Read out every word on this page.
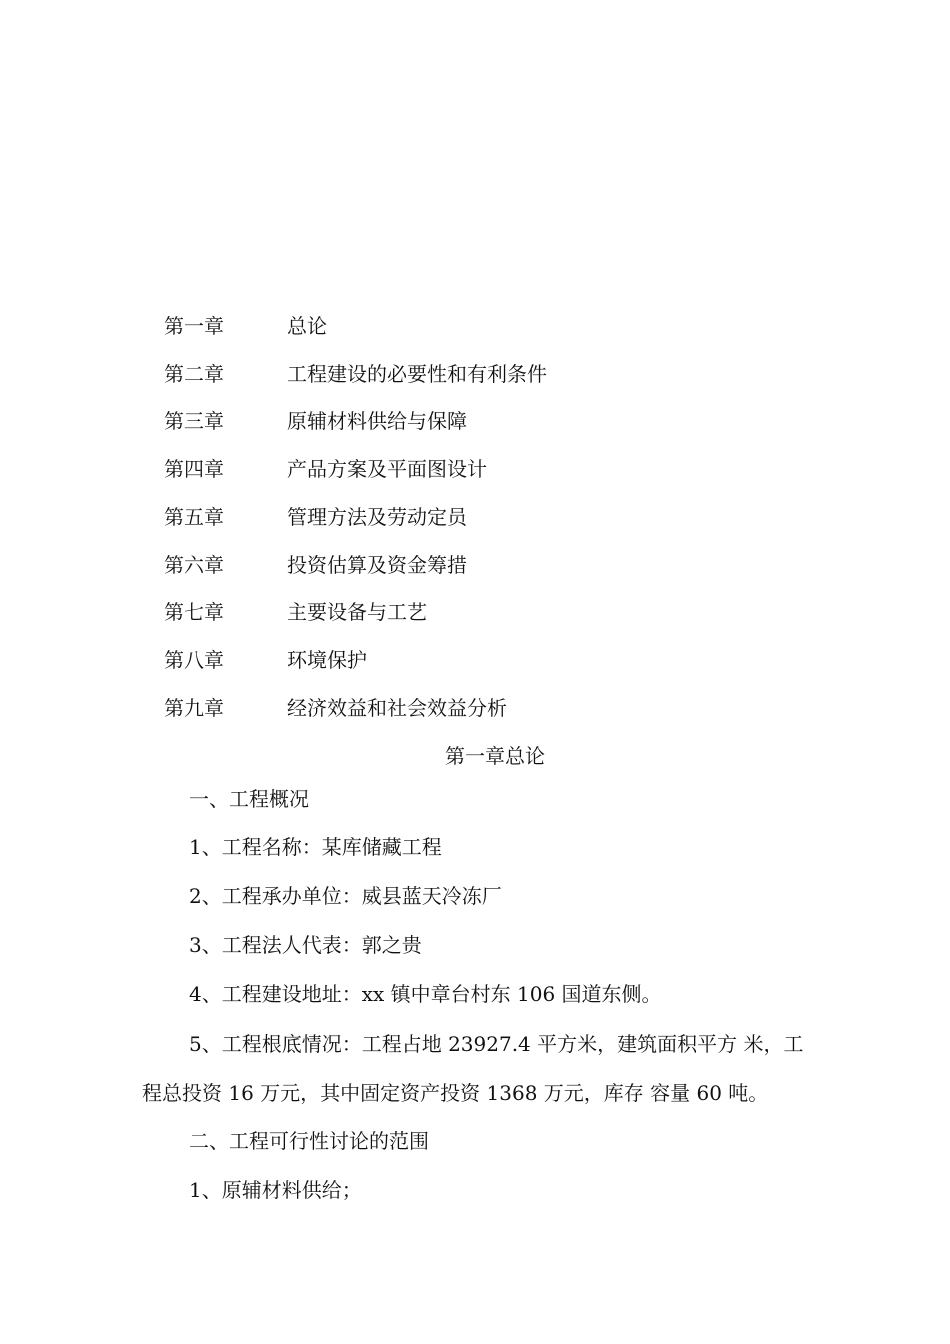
第一章	总论
第二章	工程建设的必要性和有利条件
第三章	原辅材料供给与保障
第四章	产品方案及平面图设计
第五章	管理方法及劳动定员
第六章	投资估算及资金筹措
第七章	主要设备与工艺
第八章	环境保护
第九章	经济效益和社会效益分析
第一章总论
一、工程概况
1、工程名称：某库储藏工程
2、工程承办单位：威县蓝天冷冻厂
3、工程法人代表：郭之贵
4、工程建设地址：xx 镇中章台村东 106 国道东侧。
5、工程根底情况：工程占地 23927.4 平方米，建筑面积平方 米，工
程总投资 16 万元，其中固定资产投资 1368 万元，库存 容量 60 吨。
二、工程可行性讨论的范围
1、原辅材料供给；
